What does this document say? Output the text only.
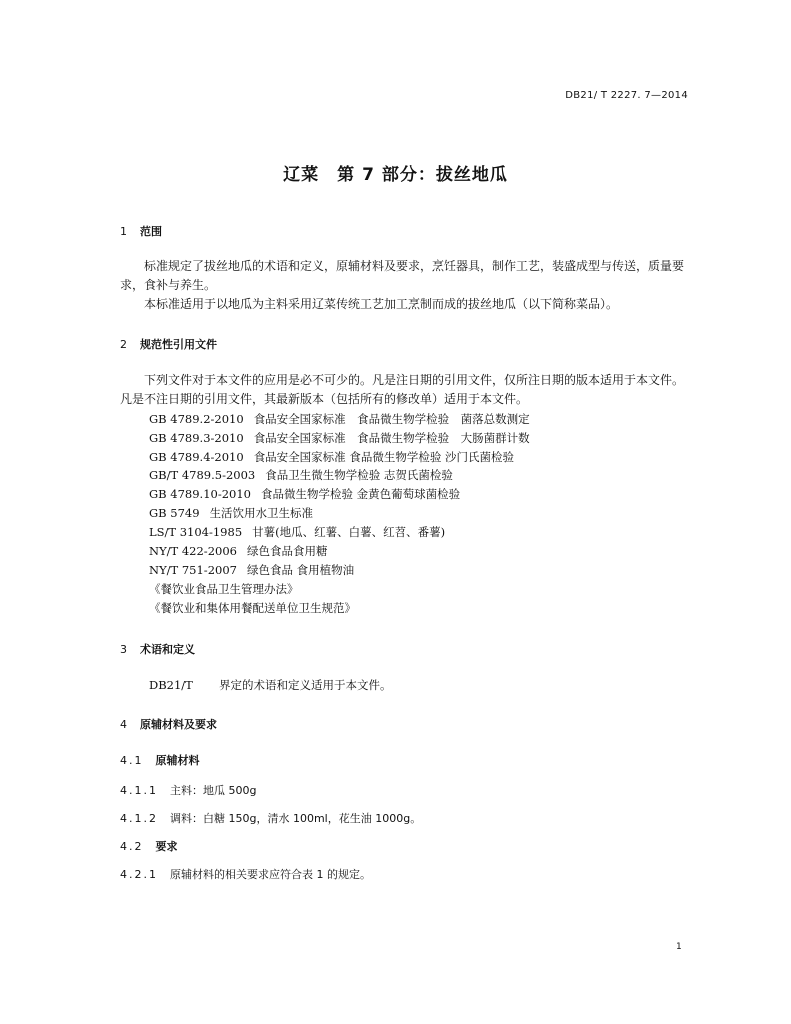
DB21/ T 2227. 7—2014
辽菜　第 7 部分：拔丝地瓜
1 范围
标准规定了拔丝地瓜的术语和定义，原辅材料及要求，烹饪器具，制作工艺，装盛成型与传送，质量要求，食补与养生。
本标准适用于以地瓜为主料采用辽菜传统工艺加工烹制而成的拔丝地瓜（以下简称菜品）。
2 规范性引用文件
下列文件对于本文件的应用是必不可少的。凡是注日期的引用文件，仅所注日期的版本适用于本文件。凡是不注日期的引用文件，其最新版本（包括所有的修改单）适用于本文件。
GB 4789.2-2010 食品安全国家标准　食品微生物学检验　菌落总数测定
GB 4789.3-2010 食品安全国家标准　食品微生物学检验　大肠菌群计数
GB 4789.4-2010 食品安全国家标准 食品微生物学检验 沙门氏菌检验
GB/T 4789.5-2003 食品卫生微生物学检验 志贺氏菌检验
GB 4789.10-2010 食品微生物学检验 金黄色葡萄球菌检验
GB 5749 生活饮用水卫生标准
LS/T 3104-1985 甘薯(地瓜、红薯、白薯、红苕、番薯)
NY/T 422-2006 绿色食品食用糖
NY/T 751-2007 绿色食品 食用植物油
《餐饮业食品卫生管理办法》
《餐饮业和集体用餐配送单位卫生规范》
3 术语和定义
DB21/T 界定的术语和定义适用于本文件。
4 原辅材料及要求
4.1 原辅材料
4.1.1 主料：地瓜 500g
4.1.2 调料：白糖 150g，清水 100ml，花生油 1000g。
4.2 要求
4.2.1 原辅材料的相关要求应符合表 1 的规定。
1
